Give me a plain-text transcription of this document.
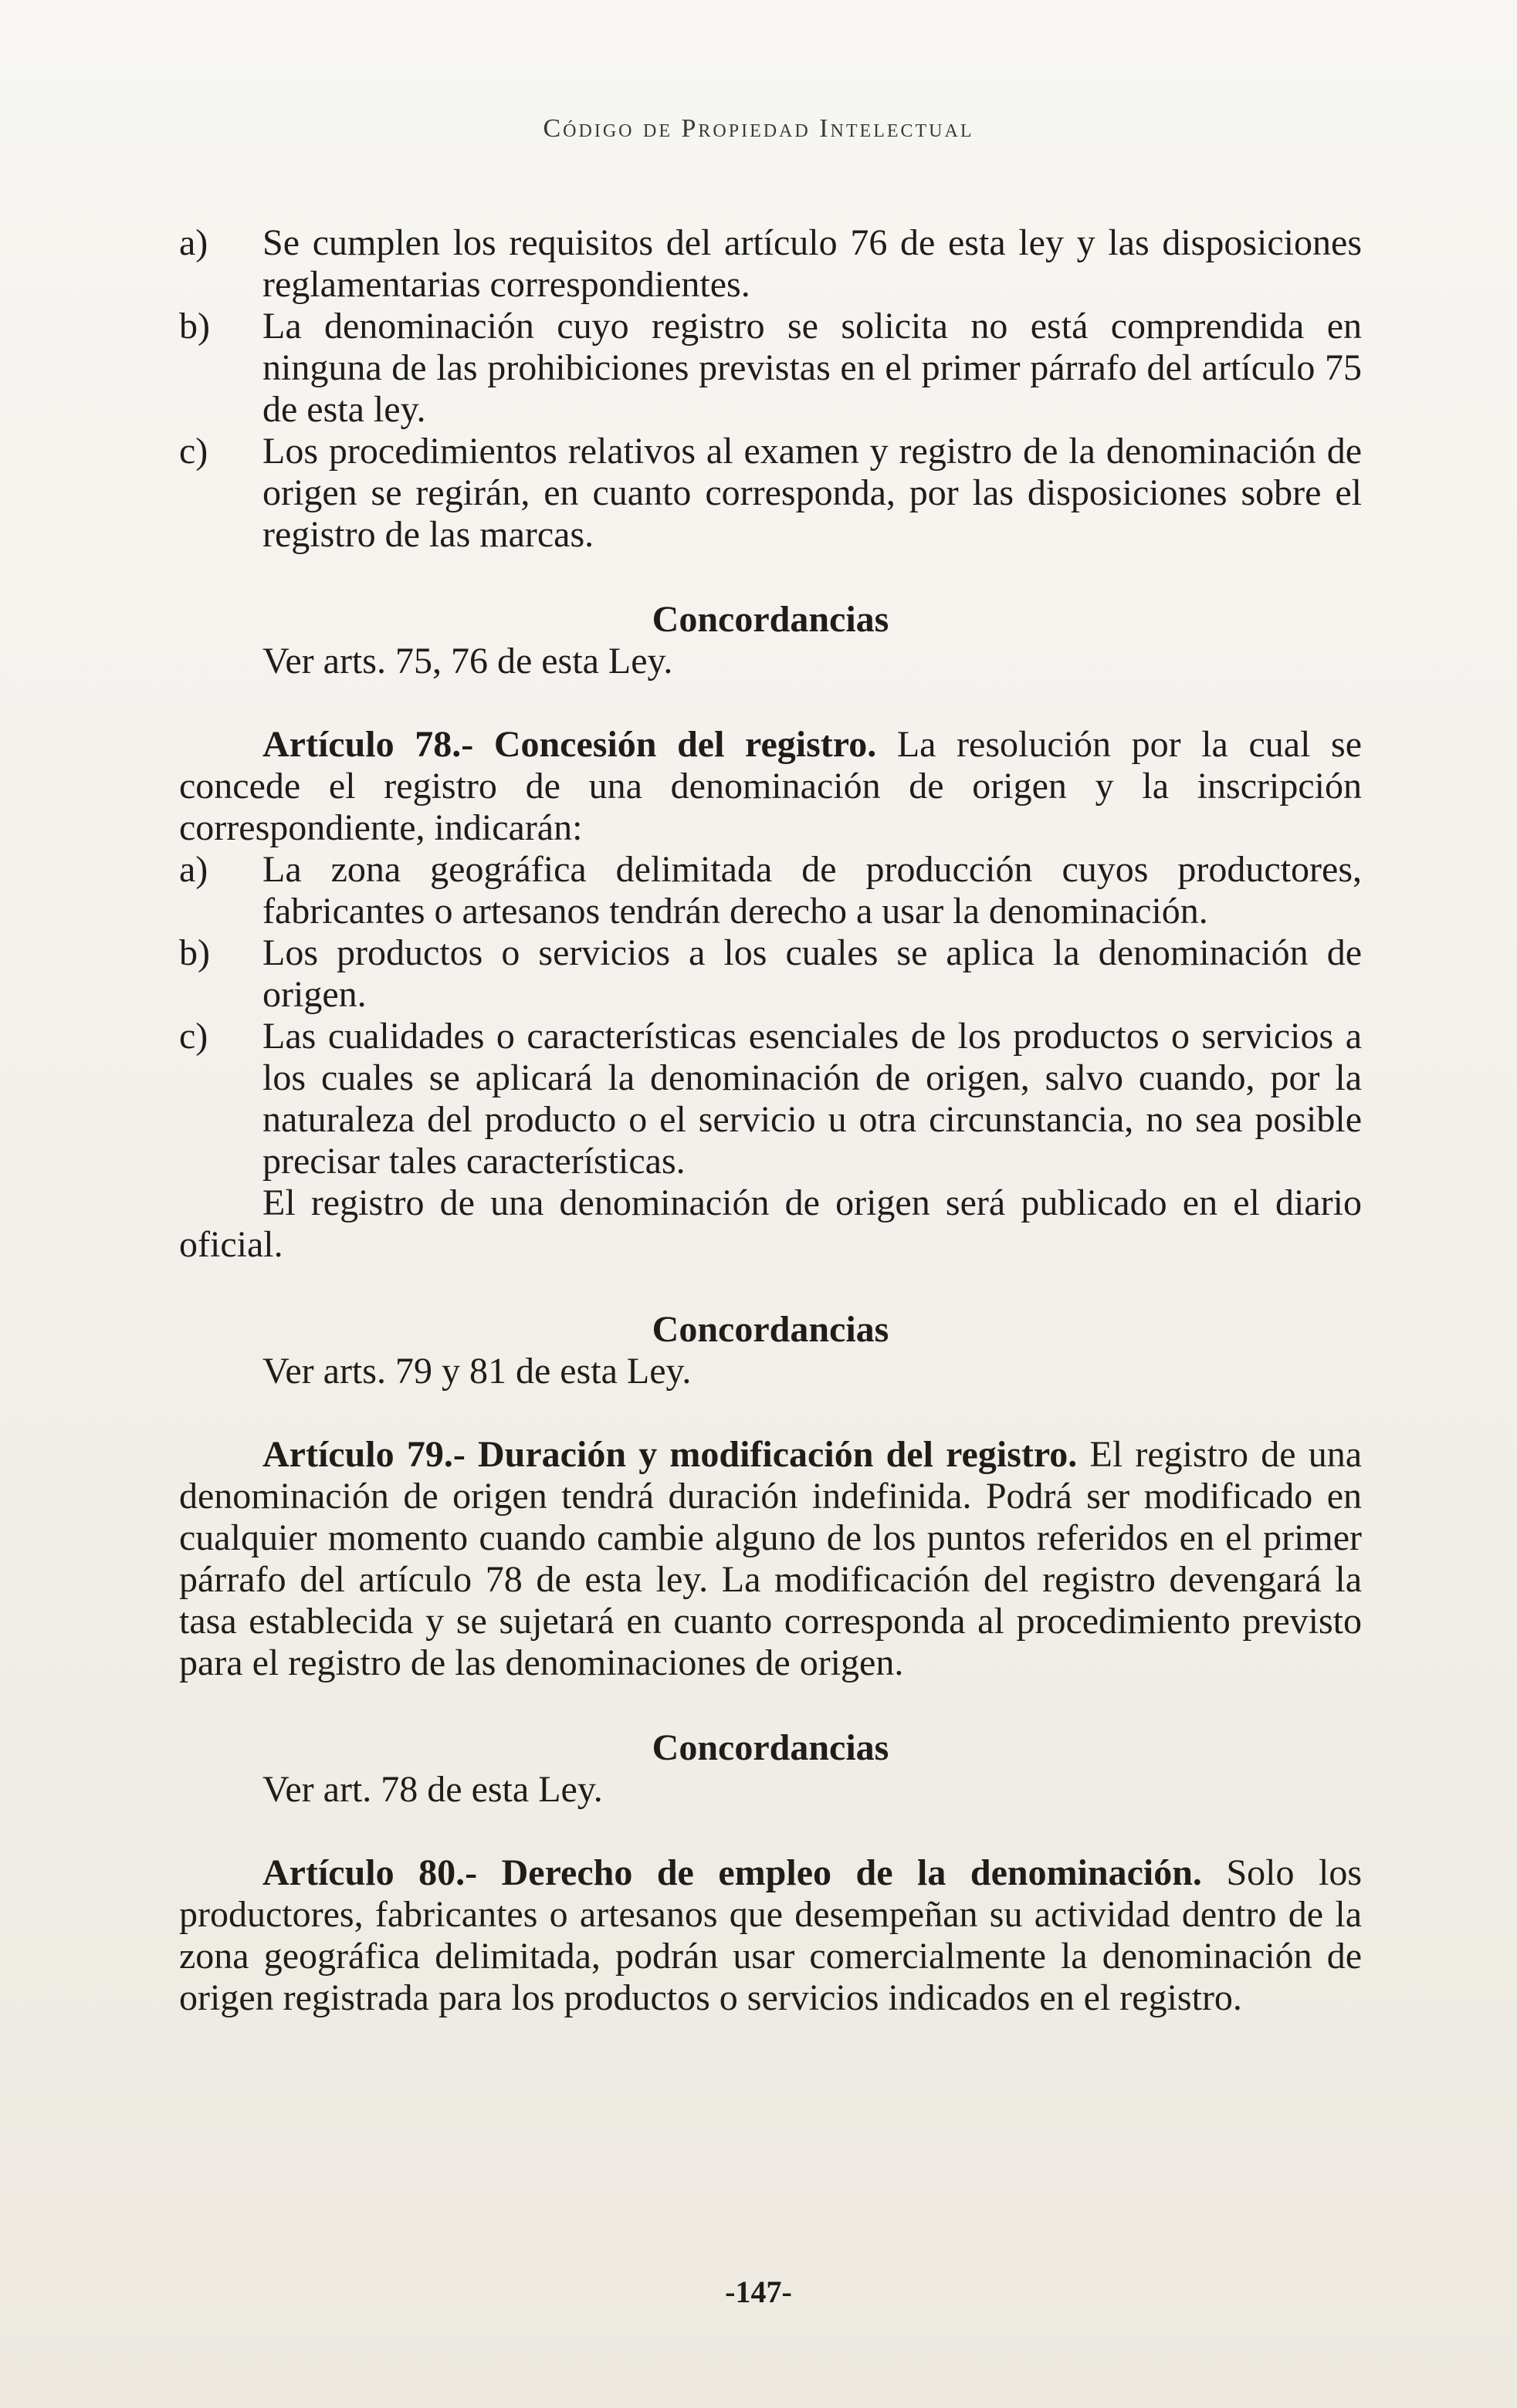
Código de Propiedad Intelectual
a) Se cumplen los requisitos del artículo 76 de esta ley y las disposiciones reglamentarias correspondientes.
b) La denominación cuyo registro se solicita no está comprendida en ninguna de las prohibiciones previstas en el primer párrafo del artículo 75 de esta ley.
c) Los procedimientos relativos al examen y registro de la denominación de origen se regirán, en cuanto corresponda, por las disposiciones sobre el registro de las marcas.
Concordancias
Ver arts. 75, 76 de esta Ley.
Artículo 78.- Concesión del registro. La resolución por la cual se concede el registro de una denominación de origen y la inscripción correspondiente, indicarán:
a) La zona geográfica delimitada de producción cuyos productores, fabricantes o artesanos tendrán derecho a usar la denominación.
b) Los productos o servicios a los cuales se aplica la denominación de origen.
c) Las cualidades o características esenciales de los productos o servicios a los cuales se aplicará la denominación de origen, salvo cuando, por la naturaleza del producto o el servicio u otra circunstancia, no sea posible precisar tales características.
El registro de una denominación de origen será publicado en el diario oficial.
Concordancias
Ver arts. 79 y 81 de esta Ley.
Artículo 79.- Duración y modificación del registro. El registro de una denominación de origen tendrá duración indefinida. Podrá ser modificado en cualquier momento cuando cambie alguno de los puntos referidos en el primer párrafo del artículo 78 de esta ley. La modificación del registro devengará la tasa establecida y se sujetará en cuanto corresponda al procedimiento previsto para el registro de las denominaciones de origen.
Concordancias
Ver art. 78 de esta Ley.
Artículo 80.- Derecho de empleo de la denominación. Solo los productores, fabricantes o artesanos que desempeñan su actividad dentro de la zona geográfica delimitada, podrán usar comercialmente la denominación de origen registrada para los productos o servicios indicados en el registro.
-147-
